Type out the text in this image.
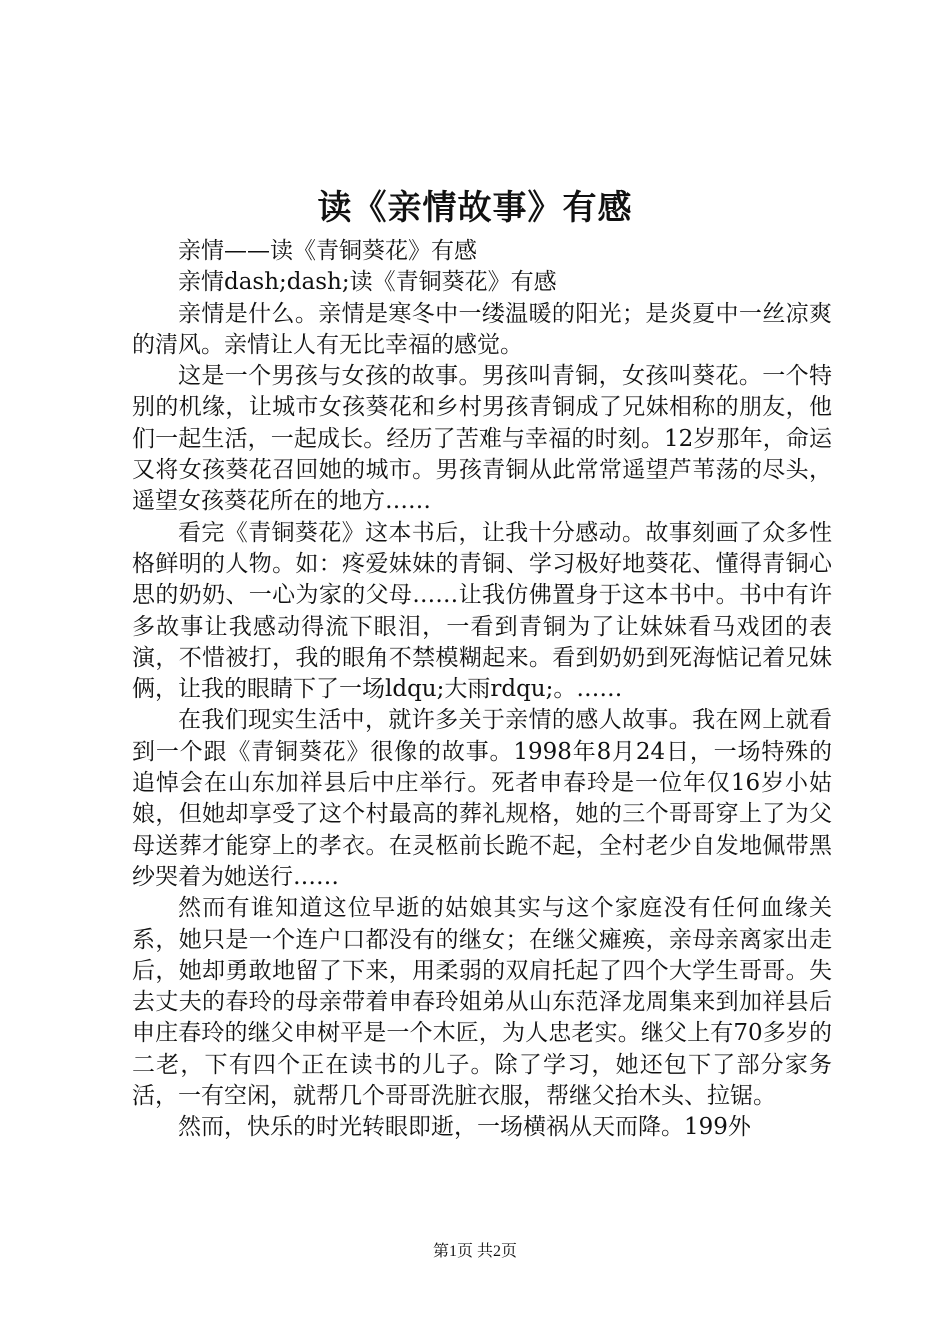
读《亲情故事》有感

亲情——读《青铜葵花》有感

亲情dash;dash;读《青铜葵花》有感

亲情是什么。亲情是寒冬中一缕温暖的阳光；是炎夏中一丝凉爽的清风。亲情让人有无比幸福的感觉。

这是一个男孩与女孩的故事。男孩叫青铜，女孩叫葵花。一个特别的机缘，让城市女孩葵花和乡村男孩青铜成了兄妹相称的朋友，他们一起生活，一起成长。经历了苦难与幸福的时刻。12岁那年，命运又将女孩葵花召回她的城市。男孩青铜从此常常遥望芦苇荡的尽头，遥望女孩葵花所在的地方……

看完《青铜葵花》这本书后，让我十分感动。故事刻画了众多性格鲜明的人物。如：疼爱妹妹的青铜、学习极好地葵花、懂得青铜心思的奶奶、一心为家的父母……让我仿佛置身于这本书中。书中有许多故事让我感动得流下眼泪，一看到青铜为了让妹妹看马戏团的表演，不惜被打，我的眼角不禁模糊起来。看到奶奶到死海惦记着兄妹俩，让我的眼睛下了一场ldqu;大雨rdqu;。……

在我们现实生活中，就许多关于亲情的感人故事。我在网上就看到一个跟《青铜葵花》很像的故事。1998年8月24日，一场特殊的追悼会在山东加祥县后中庄举行。死者申春玲是一位年仅16岁小姑娘，但她却享受了这个村最高的葬礼规格，她的三个哥哥穿上了为父母送葬才能穿上的孝衣。在灵柩前长跪不起，全村老少自发地佩带黑纱哭着为她送行……

然而有谁知道这位早逝的姑娘其实与这个家庭没有任何血缘关系，她只是一个连户口都没有的继女；在继父瘫痪，亲母亲离家出走后，她却勇敢地留了下来，用柔弱的双肩托起了四个大学生哥哥。失去丈夫的春玲的母亲带着申春玲姐弟从山东范泽龙周集来到加祥县后申庄春玲的继父申树平是一个木匠，为人忠老实。继父上有70多岁的二老，下有四个正在读书的儿子。除了学习，她还包下了部分家务活，一有空闲，就帮几个哥哥洗脏衣服，帮继父抬木头、拉锯。

然而，快乐的时光转眼即逝，一场横祸从天而降。199外

第1页 共2页
